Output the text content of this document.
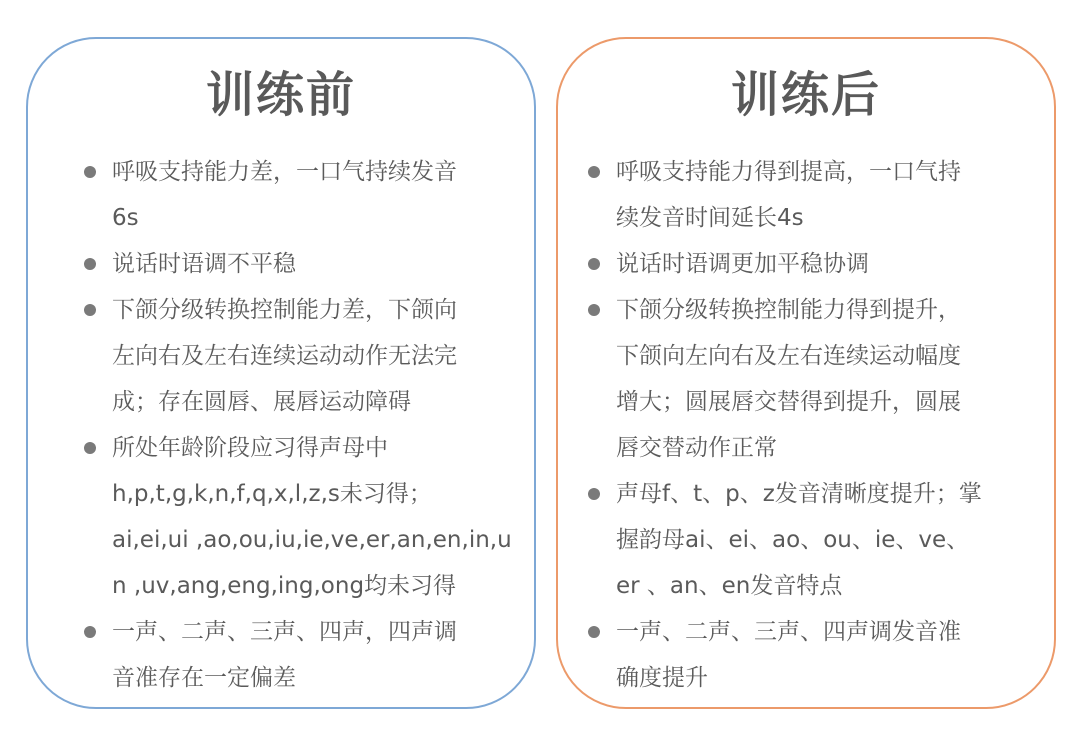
训练前
呼吸支持能力差，一口气持续发音
6s
说话时语调不平稳
下颌分级转换控制能力差，下颌向
左向右及左右连续运动动作无法完
成；存在圆唇、展唇运动障碍
所处年龄阶段应习得声母中
h,p,t,g,k,n,f,q,x,l,z,s未习得；
ai,ei,ui ,ao,ou,iu,ie,ve,er,an,en,in,u
n ,uv,ang,eng,ing,ong均未习得
一声、二声、三声、四声，四声调
音准存在一定偏差
训练后
呼吸支持能力得到提高，一口气持
续发音时间延长4s
说话时语调更加平稳协调
下颌分级转换控制能力得到提升，
下颌向左向右及左右连续运动幅度
增大；圆展唇交替得到提升，圆展
唇交替动作正常
声母f、t、p、z发音清晰度提升；掌
握韵母ai、ei、ao、ou、ie、ve、
er 、an、en发音特点
一声、二声、三声、四声调发音准
确度提升
